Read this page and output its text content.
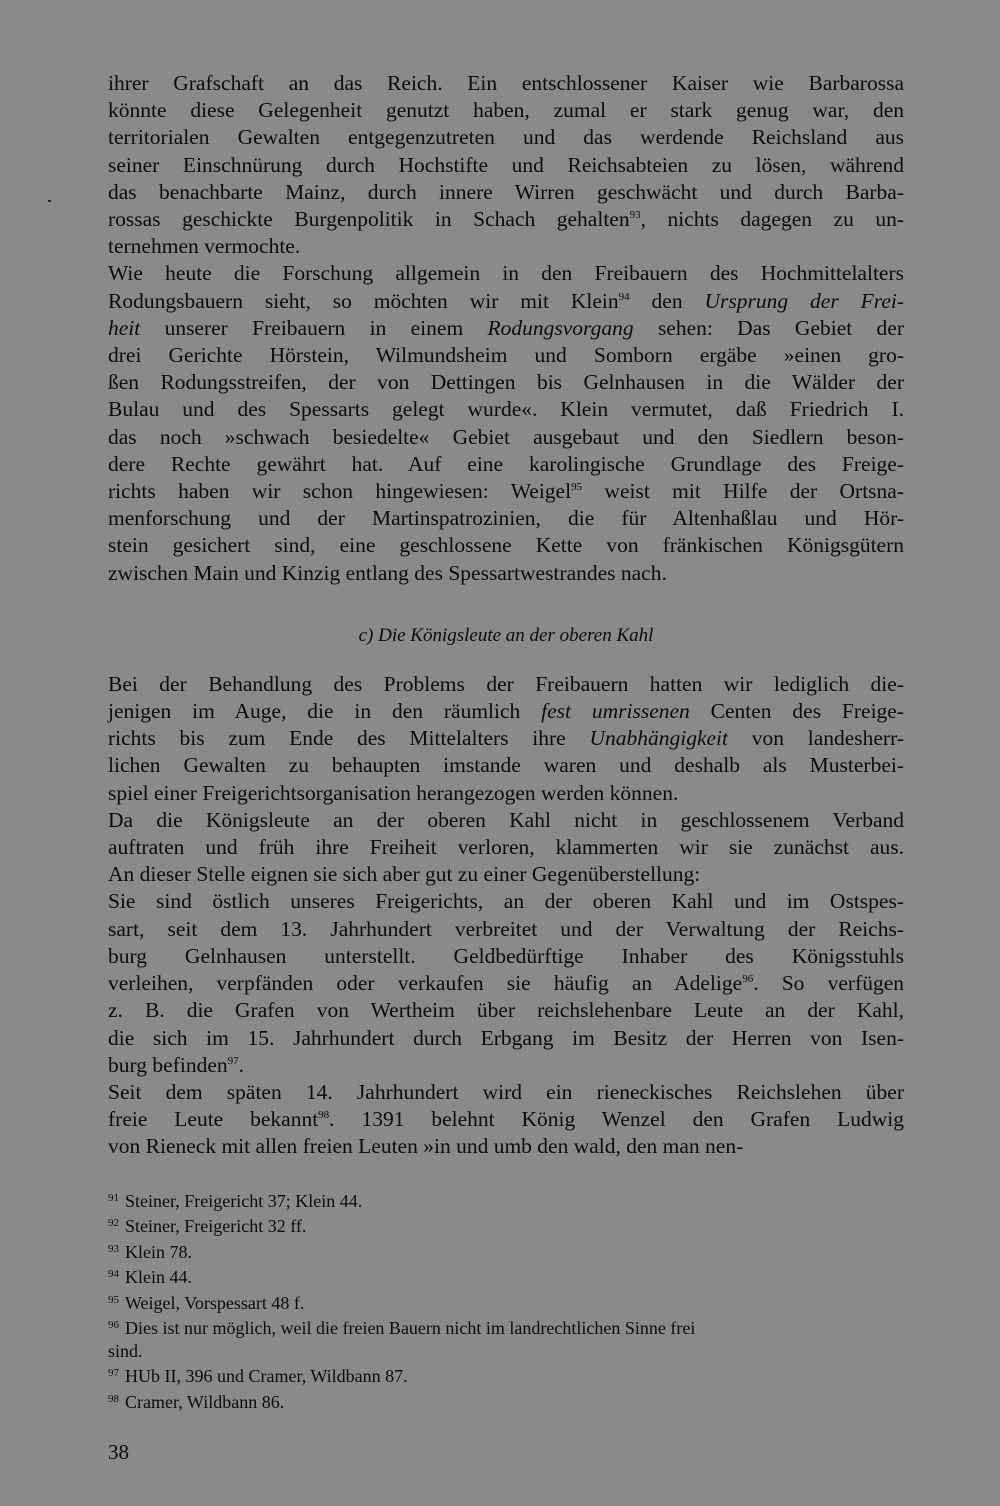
ihrer Grafschaft an das Reich. Ein entschlossener Kaiser wie Barbarossa
könnte diese Gelegenheit genutzt haben, zumal er stark genug war, den
territorialen Gewalten entgegenzutreten und das werdende Reichsland aus
seiner Einschnürung durch Hochstifte und Reichsabteien zu lösen, während
das benachbarte Mainz, durch innere Wirren geschwächt und durch Barba-
rossas geschickte Burgenpolitik in Schach gehalten$^{93}$, nichts dagegen zu un-
ternehmen vermochte.
Wie heute die Forschung allgemein in den Freibauern des Hochmittelalters
Rodungsbauern sieht, so möchten wir mit Klein$^{94}$ den Ursprung der Frei-
heit unserer Freibauern in einem Rodungsvorgang sehen: Das Gebiet der
drei Gerichte Hörstein, Wilmundsheim und Somborn ergäbe »einen gro-
ßen Rodungsstreifen, der von Dettingen bis Gelnhausen in die Wälder der
Bulau und des Spessarts gelegt wurde«. Klein vermutet, daß Friedrich I.
das noch »schwach besiedelte« Gebiet ausgebaut und den Siedlern beson-
dere Rechte gewährt hat. Auf eine karolingische Grundlage des Freige-
richts haben wir schon hingewiesen: Weigel$^{95}$ weist mit Hilfe der Ortsna-
menforschung und der Martinspatrozinien, die für Altenhaßlau und Hör-
stein gesichert sind, eine geschlossene Kette von fränkischen Königsgütern
zwischen Main und Kinzig entlang des Spessartwestrandes nach.
c) Die Königsleute an der oberen Kahl
Bei der Behandlung des Problems der Freibauern hatten wir lediglich die-
jenigen im Auge, die in den räumlich fest umrissenen Centen des Freige-
richts bis zum Ende des Mittelalters ihre Unabhängigkeit von landesherr-
lichen Gewalten zu behaupten imstande waren und deshalb als Musterbei-
spiel einer Freigerichtsorganisation herangezogen werden können.
Da die Königsleute an der oberen Kahl nicht in geschlossenem Verband
auftraten und früh ihre Freiheit verloren, klammerten wir sie zunächst aus.
An dieser Stelle eignen sie sich aber gut zu einer Gegenüberstellung:
Sie sind östlich unseres Freigerichts, an der oberen Kahl und im Ostspes-
sart, seit dem 13. Jahrhundert verbreitet und der Verwaltung der Reichs-
burg Gelnhausen unterstellt. Geldbedürftige Inhaber des Königsstuhls
verleihen, verpfänden oder verkaufen sie häufig an Adelige$^{96}$. So verfügen
z. B. die Grafen von Wertheim über reichslehenbare Leute an der Kahl,
die sich im 15. Jahrhundert durch Erbgang im Besitz der Herren von Isen-
burg befinden$^{97}$.
Seit dem späten 14. Jahrhundert wird ein rieneckisches Reichslehen über
freie Leute bekannt$^{98}$. 1391 belehnt König Wenzel den Grafen Ludwig
von Rieneck mit allen freien Leuten »in und umb den wald, den man nen-
$^{91}$ Steiner, Freigericht 37; Klein 44.
$^{92}$ Steiner, Freigericht 32 ff.
$^{93}$ Klein 78.
$^{94}$ Klein 44.
$^{95}$ Weigel, Vorspessart 48 f.
$^{96}$ Dies ist nur möglich, weil die freien Bauern nicht im landrechtlichen Sinne frei
sind.
$^{97}$ HUb II, 396 und Cramer, Wildbann 87.
$^{98}$ Cramer, Wildbann 86.
38
